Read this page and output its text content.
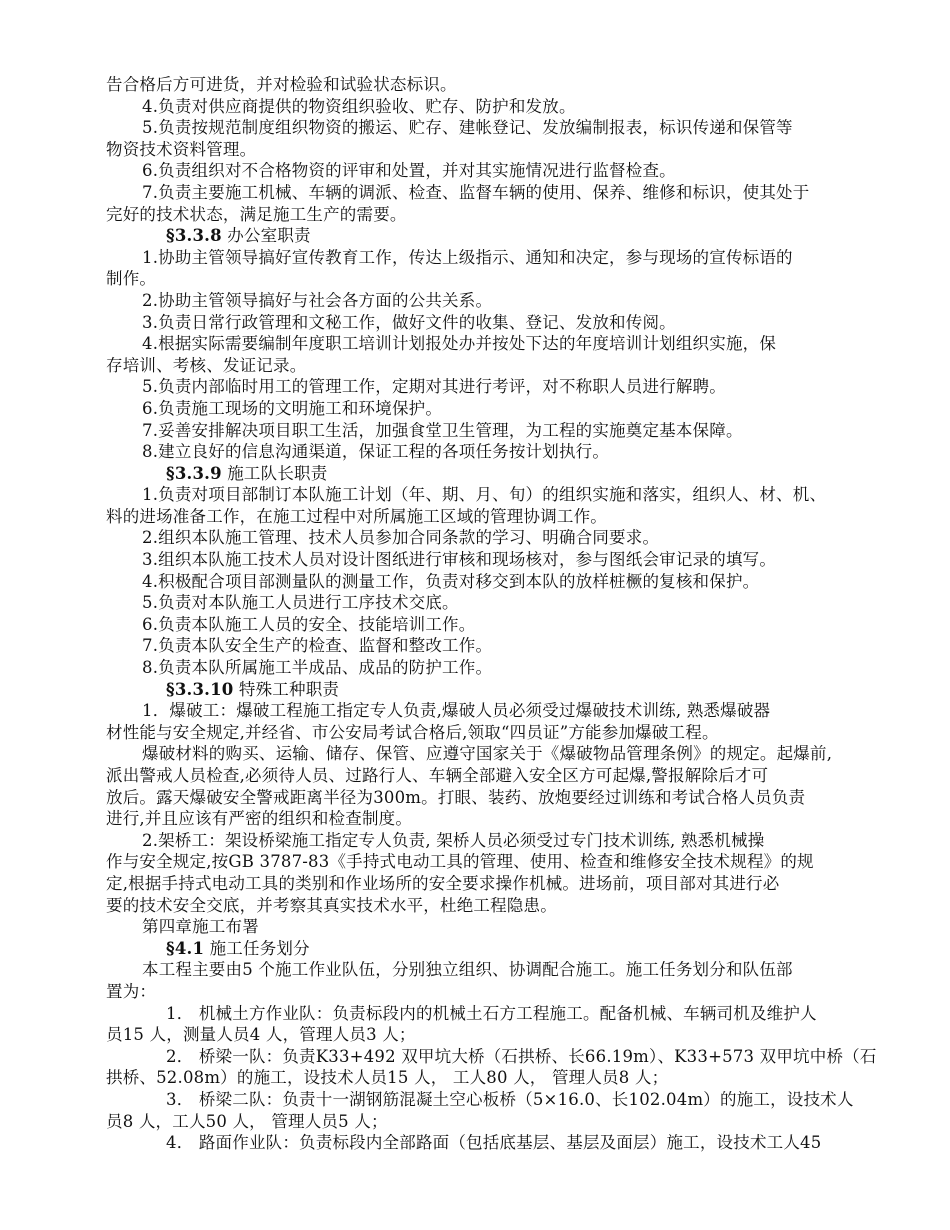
告合格后方可进货，并对检验和试验状态标识。
4.负责对供应商提供的物资组织验收、贮存、防护和发放。
5.负责按规范制度组织物资的搬运、贮存、建帐登记、发放编制报表，标识传递和保管等
物资技术资料管理。
6.负责组织对不合格物资的评审和处置，并对其实施情况进行监督检查。
7.负责主要施工机械、车辆的调派、检查、监督车辆的使用、保养、维修和标识，使其处于
完好的技术状态，满足施工生产的需要。
§3.3.8 办公室职责
1.协助主管领导搞好宣传教育工作，传达上级指示、通知和决定，参与现场的宣传标语的
制作。
2.协助主管领导搞好与社会各方面的公共关系。
3.负责日常行政管理和文秘工作，做好文件的收集、登记、发放和传阅。
4.根据实际需要编制年度职工培训计划报处办并按处下达的年度培训计划组织实施，保
存培训、考核、发证记录。
5.负责内部临时用工的管理工作，定期对其进行考评，对不称职人员进行解聘。
6.负责施工现场的文明施工和环境保护。
7.妥善安排解决项目职工生活，加强食堂卫生管理，为工程的实施奠定基本保障。
8.建立良好的信息沟通渠道，保证工程的各项任务按计划执行。
§3.3.9 施工队长职责
1.负责对项目部制订本队施工计划（年、期、月、旬）的组织实施和落实，组织人、材、机、
料的进场准备工作，在施工过程中对所属施工区域的管理协调工作。
2.组织本队施工管理、技术人员参加合同条款的学习、明确合同要求。
3.组织本队施工技术人员对设计图纸进行审核和现场核对，参与图纸会审记录的填写。
4.积极配合项目部测量队的测量工作，负责对移交到本队的放样桩橛的复核和保护。
5.负责对本队施工人员进行工序技术交底。
6.负责本队施工人员的安全、技能培训工作。
7.负责本队安全生产的检查、监督和整改工作。
8.负责本队所属施工半成品、成品的防护工作。
§3.3.10 特殊工种职责
1．爆破工：爆破工程施工指定专人负责,爆破人员必须受过爆破技术训练, 熟悉爆破器
材性能与安全规定,并经省、市公安局考试合格后,领取“四员证”方能参加爆破工程。
爆破材料的购买、运输、储存、保管、应遵守国家关于《爆破物品管理条例》的规定。起爆前,
派出警戒人员检查,必须待人员、过路行人、车辆全部避入安全区方可起爆,警报解除后才可
放后。露天爆破安全警戒距离半径为300m。打眼、装药、放炮要经过训练和考试合格人员负责
进行,并且应该有严密的组织和检查制度。
2.架桥工：架设桥梁施工指定专人负责, 架桥人员必须受过专门技术训练, 熟悉机械操
作与安全规定,按GB 3787-83《手持式电动工具的管理、使用、检查和维修安全技术规程》的规
定,根据手持式电动工具的类别和作业场所的安全要求操作机械。进场前，项目部对其进行必
要的技术安全交底，并考察其真实技术水平，杜绝工程隐患。
第四章施工布署
§4.1 施工任务划分
本工程主要由5 个施工作业队伍，分别独立组织、协调配合施工。施工任务划分和队伍部
置为：
1． 机械土方作业队：负责标段内的机械土石方工程施工。配备机械、车辆司机及维护人
员15 人，测量人员4 人，管理人员3 人；
2． 桥梁一队：负责K33+492 双甲坑大桥（石拱桥、长66.19m）、K33+573 双甲坑中桥（石
拱桥、52.08m）的施工，设技术人员15 人， 工人80 人， 管理人员8 人；
3． 桥梁二队：负责十一湖钢筋混凝土空心板桥（5×16.0、长102.04m）的施工，设技术人
员8 人，工人50 人， 管理人员5 人；
4． 路面作业队：负责标段内全部路面（包括底基层、基层及面层）施工，设技术工人45
